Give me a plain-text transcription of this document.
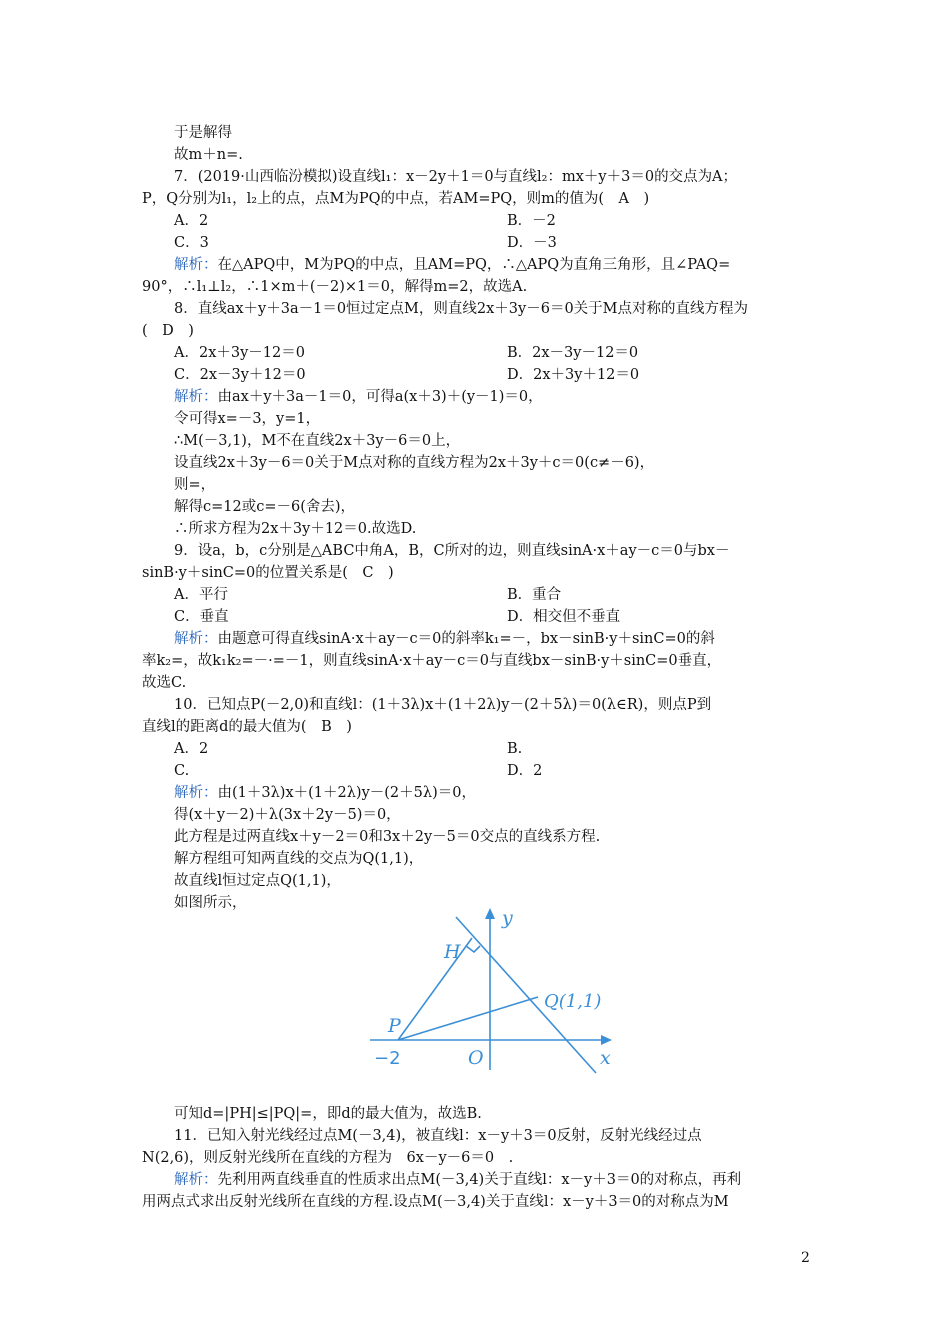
于是解得
故m＋n=.
7．(2019·山西临汾模拟)设直线l₁：x－2y＋1＝0与直线l₂：mx＋y＋3＝0的交点为A；
P，Q分别为l₁，l₂上的点，点M为PQ的中点，若AM=PQ，则m的值为(　A　)
A．2	B．－2
C．3	D．－3
解析：在△APQ中，M为PQ的中点，且AM=PQ，∴△APQ为直角三角形，且∠PAQ=
90°，∴l₁⊥l₂，∴1×m＋(－2)×1＝0，解得m=2，故选A.
8．直线ax＋y＋3a－1＝0恒过定点M，则直线2x＋3y－6＝0关于M点对称的直线方程为
(　D　)
A．2x＋3y－12＝0	B．2x－3y－12＝0
C．2x－3y＋12＝0	D．2x＋3y＋12＝0
解析：由ax＋y＋3a－1＝0，可得a(x＋3)＋(y－1)＝0，
令可得x=－3，y=1，
∴M(－3,1)，M不在直线2x＋3y－6＝0上，
设直线2x＋3y－6＝0关于M点对称的直线方程为2x＋3y＋c＝0(c≠－6)，
则=，
解得c=12或c=－6(舍去)，
∴所求方程为2x＋3y＋12＝0.故选D.
9．设a，b，c分别是△ABC中角A，B，C所对的边，则直线sinA·x＋ay－c＝0与bx－
sinB·y＋sinC=0的位置关系是(　C　)
A．平行	B．重合
C．垂直	D．相交但不垂直
解析：由题意可得直线sinA·x＋ay－c＝0的斜率k₁=－，bx－sinB·y＋sinC=0的斜
率k₂=，故k₁k₂=－·=－1，则直线sinA·x＋ay－c＝0与直线bx－sinB·y＋sinC=0垂直，
故选C.
10．已知点P(－2,0)和直线l：(1＋3λ)x＋(1＋2λ)y－(2＋5λ)＝0(λ∈R)，则点P到
直线l的距离d的最大值为(　B　)
A．2	B.
C.	D．2
解析：由(1＋3λ)x＋(1＋2λ)y－(2＋5λ)＝0，
得(x＋y－2)＋λ(3x＋2y－5)＝0，
此方程是过两直线x＋y－2＝0和3x＋2y－5＝0交点的直线系方程.
解方程组可知两直线的交点为Q(1,1)，
故直线l恒过定点Q(1,1)，
如图所示，
y
H
Q(1,1)
P
x
O
−2
可知d=|PH|≤|PQ|=，即d的最大值为，故选B.
11．已知入射光线经过点M(－3,4)，被直线l：x－y＋3＝0反射，反射光线经过点
N(2,6)，则反射光线所在直线的方程为　6x－y－6＝0　.
解析：先利用两直线垂直的性质求出点M(－3,4)关于直线l：x－y＋3＝0的对称点，再利
用两点式求出反射光线所在直线的方程.设点M(－3,4)关于直线l：x－y＋3＝0的对称点为M
2
